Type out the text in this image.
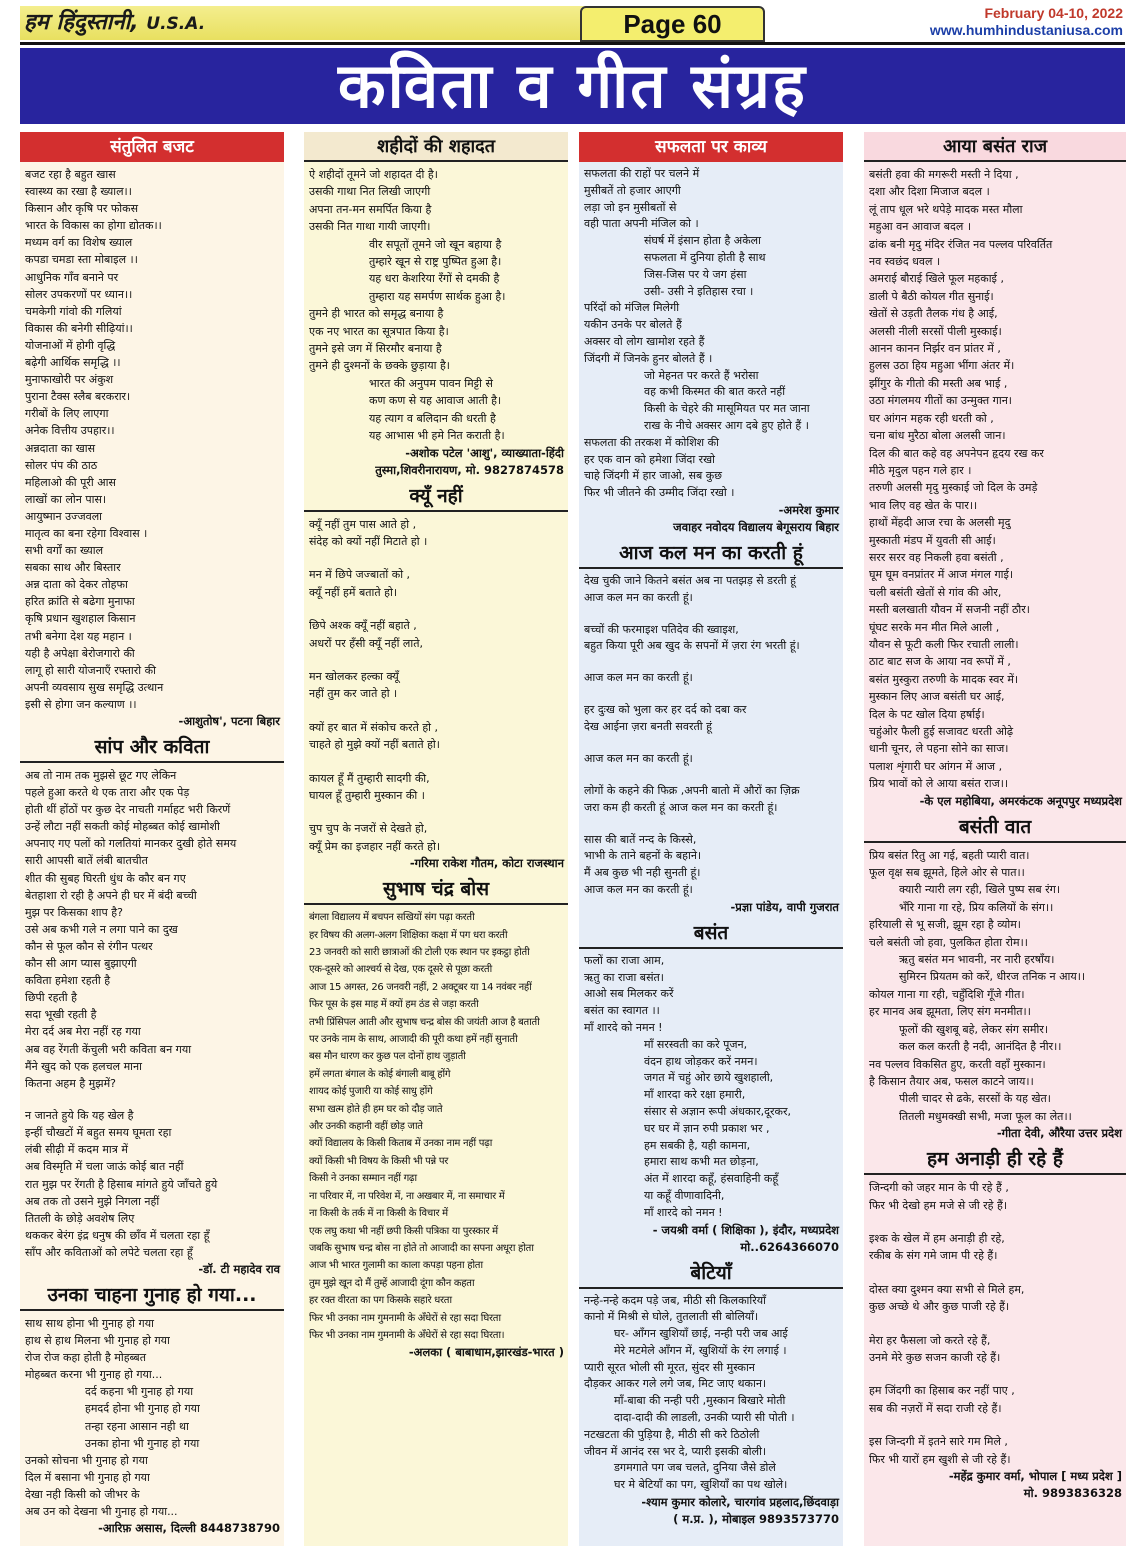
हम हिंदुस्तानी, U.S.A.	Page 60	February 04-10, 2022
www.humhindustaniusa.com
कविता व गीत संग्रह
संतुलित बजट
बजट रहा है बहुत खास
स्वास्थ्य का रखा है ख्याल।।
किसान और कृषि पर फोकस
भारत के विकास का होगा द्योतक।।
मध्यम वर्ग का विशेष ख्याल
कपडा चमडा स्ता मोबाइल ।।
आधुनिक गाँव बनाने पर
सोलर उपकरणों पर ध्यान।।
चमकेगी गांवो की गलियां
विकास की बनेगी सीढ़ियां।।
योजनाओं में होगी वृद्धि
बढ़ेगी आर्थिक समृद्धि ।।
मुनाफाखोरी पर अंकुश
पुराना टैक्स स्लैब बरकरार।
गरीबों के लिए लाएगा
अनेक वित्तीय उपहार।।
अन्नदाता का खास
सोलर पंप की ठाठ
महिलाओ की पूरी आस
लाखों का लोन पास।
आयुष्मान उज्जवला
मातृत्व का बना रहेगा विश्वास ।
सभी वर्गों का ख्याल
सबका साथ और बिस्तार
अन्न दाता को देकर तोहफा
हरित क्रांति से बढेगा मुनाफा
कृषि प्रधान खुशहाल किसान
तभी बनेगा देश यह महान ।
यही है अपेक्षा बेरोजगारो की
लागू हो सारी योजनाएँ रफ्तारो की
अपनी व्यवसाय सुख समृद्धि उत्थान
इसी से होगा जन कल्याण ।।
-आशुतोष', पटना बिहार
सांप और कविता
अब तो नाम तक मुझसे छूट गए लेकिन
पहले हुआ करते थे एक तारा और एक पेड़
होती थीं होंठों पर कुछ देर नाचती गर्माहट भरी किरणें
उन्हें लौटा नहीं सकती कोई मोहब्बत कोई खामोशी
अपनाए गए पलों को गलतियां मानकर दुखी होते समय
सारी आपसी बातें लंबी बातचीत
शीत की सुबह घिरती धुंध के कौर बन गए
बेतहाशा रो रही है अपने ही घर में बंदी बच्ची
मुझ पर किसका शाप है?
उसे अब कभी गले न लगा पाने का दुख
कौन से फूल कौन से रंगीन पत्थर
कौन सी आग प्यास बुझाएगी
कविता हमेशा रहती है
छिपी रहती है
सदा भूखी रहती है
मेरा दर्द अब मेरा नहीं रह गया
अब वह रेंगती केंचुली भरी कविता बन गया
मैंने खुद को एक हलचल माना
कितना अहम है मुझमें?
न जानते हुये कि यह खेल है
इन्हीं चौखटों में बहुत समय घूमता रहा
लंबी सीढ़ी में कदम मात्र में
अब विस्मृति में चला जाऊं कोई बात नहीं
रात मुझ पर रेंगती है हिसाब मांगते हुये जाँचते हुये
अब तक तो उसने मुझे निगला नहीं
तितली के छोड़े अवशेष लिए
थककर बेरंग इंद्र धनुष की छाँव में चलता रहा हूँ
साँप और कविताओं को लपेटे चलता रहा हूँ
-डॉ. टी महादेव राव
उनका चाहना गुनाह हो गया...
साथ साथ होना भी गुनाह हो गया
हाथ से हाथ मिलना भी गुनाह हो गया
रोज रोज कहा होती है मोहब्बत
मोहब्बत करना भी गुनाह हो गया...
दर्द कहना भी गुनाह हो गया
हमदर्द होना भी गुनाह हो गया
तन्हा रहना आसान नही था
उनका होना भी गुनाह हो गया
उनको सोचना भी गुनाह हो गया
दिल में बसाना भी गुनाह हो गया
देखा नही किसी को जीभर के
अब उन को देखना भी गुनाह हो गया...
-आरिफ़ असास, दिल्ली 8448738790
शहीदों की शहादत
ऐ शहीदों तूमने जो शहादत दी है।
उसकी गाथा नित लिखी जाएगी
अपना तन-मन समर्पित किया है
उसकी नित गाथा गायी जाएगी।
वीर सपूतों तूमने जो खून बहाया है
तुम्हारे खून से राष्ट्र पुष्पित हुआ है।
यह धरा केशरिया रँगों से दमकी है
तुम्हारा यह समर्पण सार्थक हुआ है।
तुमने ही भारत को समृद्ध बनाया है
एक नए भारत का सूत्रपात किया है।
तुमने इसे जग में सिरमौर बनाया है
तुमने ही दुश्मनों के छक्के छुड़ाया है।
भारत की अनुपम पावन मिट्टी से
कण कण से यह आवाज आती है।
यह त्याग व बलिदान की धरती है
यह आभास भी हमे नित कराती है।
-अशोक पटेल 'आशु', व्याख्याता-हिंदी
तुस्मा,शिवरीनारायण, मो. 9827874578
क्यूँ नहीं
क्यूँ नहीं तुम पास आते हो ,
संदेह को क्यों नहीं मिटाते हो ।
मन में छिपे जज्बातों को ,
क्यूँ नहीं हमें बताते हो।
छिपे अश्क क्यूँ नहीं बहाते ,
अधरों पर हँसी क्यूँ नहीं लाते,
मन खोलकर हल्का क्यूँ
नहीं तुम कर जाते हो ।
क्यों हर बात में संकोच करते हो ,
चाहते हो मुझे क्यों नहीं बताते हो।
कायल हूँ मैं तुम्हारी सादगी की,
घायल हूँ तुम्हारी मुस्कान की ।
चुप चुप के नजरों से देखते हो,
क्यूँ प्रेम का इजहार नहीं करते हो।
-गरिमा राकेश गौतम, कोटा राजस्थान
सुभाष चंद्र बोस
बंगला विद्यालय में बचपन सखियों संग पढ़ा करती
हर विषय की अलग-अलग शिक्षिका कक्षा में पग धरा करती
23 जनवरी को सारी छात्राओं की टोली एक स्थान पर इकट्ठा होती
एक-दूसरे को आश्चर्य से देख, एक दूसरे से पूछा करती
आज 15 अगस्त, 26 जनवरी नहीं, 2 अक्टूबर या 14 नवंबर नहीं
फिर पूस के इस माह में क्यों हम ठंड से जड़ा करती
तभी प्रिंसिपल आती और सुभाष चन्द्र बोस की जयंती आज है बताती
पर उनके नाम के साथ, आजादी की पूरी कथा हमें नहीं सुनाती
बस मौन धारण कर कुछ पल दोनों हाथ जुड़ाती
हमें लगता बंगाल के कोई बंगाली बाबू होंगे
शायद कोई पुजारी या कोई साधु होंगे
सभा खत्म होते ही हम घर को दौड़ जाते
और उनकी कहानी वहीं छोड़ जाते
क्यों विद्यालय के किसी किताब में उनका नाम नहीं पढ़ा
क्यों किसी भी विषय के किसी भी पन्ने पर
किसी ने उनका सम्मान नहीं गढ़ा
ना परिवार में, ना परिवेश में, ना अखबार में, ना समाचार में
ना किसी के तर्क में ना किसी के विचार में
एक लघु कथा भी नहीं छपी किसी पत्रिका या पुरस्कार में
जबकि सुभाष चन्द्र बोस ना होते तो आजादी का सपना अधूरा होता
आज भी भारत गुलामी का काला कपड़ा पहना होता
तुम मुझे खून दो मैं तुम्हें आजादी दूंगा कौन कहता
हर रक्त वीरता का पग किसके सहारे धरता
फिर भी उनका नाम गुमनामी के अँधेरों से रहा सदा घिरता
फिर भी उनका नाम गुमनामी के अँधेरों से रहा सदा घिरता।
-अलका ( बाबाधाम,झारखंड-भारत )
सफलता पर काव्य
सफलता की राहों पर चलने में
मुसीबतें तो हजार आएगी
लड़ा जो इन मुसीबतों से
वही पाता अपनी मंजिल को ।
संघर्ष में इंसान होता है अकेला
सफलता में दुनिया होती है साथ
जिस-जिस पर ये जग हंसा
उसी- उसी ने इतिहास रचा ।
परिंदों को मंजिल मिलेगी
यकीन उनके पर बोलते हैं
अक्सर वो लोग खामोश रहते हैं
जिंदगी में जिनके हुनर बोलते हैं ।
जो मेहनत पर करते हैं भरोसा
वह कभी किस्मत की बात करते नहीं
किसी के चेहरे की मासूमियत पर मत जाना
राख के नीचे अक्सर आग दबे हुए होते हैं ।
सफलता की तरकश में कोशिश की
हर एक वान को हमेशा जिंदा रखो
चाहे जिंदगी में हार जाओ, सब कुछ
फिर भी जीतने की उम्मीद जिंदा रखो ।
-अमरेश कुमार
जवाहर नवोदय विद्यालय बेगूसराय बिहार
आज कल मन का करती हूं
देख चुकी जाने कितने बसंत अब ना पतझड़ से डरती हूं
आज कल मन का करती हूं।
बच्चों की फरमाइश पतिदेव की ख्वाइश,
बहुत किया पूरी अब खुद के सपनों में ज़रा रंग भरती हूं।
आज कल मन का करती हूं।
हर दुःख को भुला कर हर दर्द को दबा कर
देख आईना ज़रा बनती सवरती हूं
आज कल मन का करती हूं।
लोगों के कहने की फिक्र ,अपनी बातो में औरों का ज़िक्र
जरा कम ही करती हूं आज कल मन का करती हूं।
सास की बातें नन्द के किस्से,
भाभी के ताने बहनों के बहाने।
मैं अब कुछ भी नही सुनती हूं।
आज कल मन का करती हूं।
-प्रज्ञा पांडेय, वापी गुजरात
बसंत
फलों का राजा आम,
ऋतु का राजा बसंत।
आओ सब मिलकर करें
बसंत का स्वागत ।।
माँ शारदे को नमन !
माँ सरस्वती का करे पूजन,
वंदन हाथ जोड़कर करें नमन।
जगत में चहुं ओर छाये खुशहाली,
माँ शारदा करे रक्षा हमारी,
संसार से अज्ञान रूपी अंधकार,दूरकर,
घर घर में ज्ञान रुपी प्रकाश भर ,
हम सबकी है, यही कामना,
हमारा साथ कभी मत छोड़ना,
अंत में शारदा कहूँ, हंसवाहिनी कहूँ
या कहूँ वीणावादिनी,
माँ शारदे को नमन !
- जयश्री वर्मा ( शिक्षिका ), इंदौर, मध्यप्रदेश
मो..6264366070
बेटियाँ
नन्हे-नन्हे कदम पड़े जब, मीठी सी किलकारियाँ
कानो में मिश्री से घोले, तुतलाती सी बोलियाँ।
घर- आँगन खुशियाँ छाई, नन्ही परी जब आई
मेरे मटमेले आँगन में, खुशियों के रंग लगाई ।
प्यारी सूरत भोली सी मूरत, सुंदर सी मुस्कान
दौड़कर आकर गले लगे जब, मिट जाए थकान।
माँ-बाबा की नन्ही परी ,मुस्कान बिखारे मोती
दादा-दादी की लाडली, उनकी प्यारी सी पोती ।
नटखटता की पुड़िया है, मीठी सी करे ठिठोली
जीवन में आनंद रस भर दे, प्यारी इसकी बोली।
डगमगाते पग जब चलते, दुनिया जैसे डोले
घर मे बेटियाँ का पग, खुशियाँ का पथ खोले।
-श्याम कुमार कोलारे, चारगांव प्रहलाद,छिंदवाड़ा
( म.प्र. ), मोबाइल 9893573770
आया बसंत राज
बसंती हवा की मगरूरी मस्ती ने दिया ,
दशा और दिशा मिजाज बदल ।
लूं ताप धूल भरे थपेड़े मादक मस्त मौला
महुआ वन आवाज बदल ।
ढांक बनी मृदु मंदिर रंजित नव पल्लव परिवर्तित
नव स्वछंद धवल ।
अमराई बौराई खिले फूल महकाई ,
डाली पे बैठी कोयल गीत सुनाई।
खेतों से उड़ती तैलक गंध है आई,
अलसी नीली सरसों पीली मुस्काई।
आनन कानन निर्झर वन प्रांतर में ,
हुलस उठा हिय महुआ भींगा अंतर में।
झींगुर के गीतो की मस्ती अब भाई ,
उठा मंगलमय गीतों का उन्मुक्त गान।
घर आंगन महक रही धरती को ,
चना बांध मुरैठा बोला अलसी जान।
दिल की बात कहे वह अपनेपन हृदय रख कर
मीठे मृदुल पहन गले हार ।
तरुणी अलसी मृदु मुस्काई जो दिल के उमड़े
भाव लिए वह खेत के पार।।
हाथों मेंहदी आज रचा के अलसी मृदु
मुस्काती मंडप में युवती सी आई।
सरर सरर वह निकली हवा बसंती ,
घूम घूम वनप्रांतर में आज मंगल गाई।
चली बसंती खेतों से गांव की ओर,
मस्ती बलखाती यौवन में सजनी नहीं ठौर।
घूंघट सरके मन मीत मिले आली ,
यौवन से फूटी कली फिर रचाती लाली।
ठाट बाट सज के आया नव रूपों में ,
बसंत मुस्कुरा तरुणी के मादक स्वर में।
मुस्कान लिए आज बसंती घर आई,
दिल के पट खोल दिया हर्षाई।
चहुंओर फैली हुई सजावट धरती ओढ़े
धानी चूनर, ले पहना सोने का साज।
पलाश शृंगारी घर आंगन में आज ,
प्रिय भावों को ले आया बसंत राज।।
-के एल महोबिया, अमरकंटक अनूपपुर मध्यप्रदेश
बसंती वात
प्रिय बसंत रितु आ गई, बहती प्यारी वात।
फूल वृक्ष सब झूमते, हिले ओर से पात।।
क्यारी न्यारी लग रही, खिले पुष्प सब रंग।
भँरि गाना गा रहे, प्रिय कलियों के संग।।
हरियाली से भू सजी, झूम रहा है व्योम।
चले बसंती जो हवा, पुलकित होता रोम।।
ऋतु बसंत मन भावनी, नर नारी हरषाँय।
सुमिरन प्रियतम को करें, धीरज तनिक न आय।।
कोयल गाना गा रही, चहुँदिशि गूँजे गीत।
हर मानव अब झूमता, लिए संग मनमीत।।
फूलों की खुशबू बहे, लेकर संग समीर।
कल कल करती है नदी, आनंदित है नीर।।
नव पल्लव विकसित हुए, करती वहाँ मुस्कान।
है किसान तैयार अब, फसल काटने जाय।।
पीली चादर से ढके, सरसों के यह खेत।
तितली मधुमक्खी सभी, मजा फूल का लेत।।
-गीता देवी, औरैया उत्तर प्रदेश
हम अनाड़ी ही रहे हैं
जिन्दगी को जहर मान के पी रहे हैं ,
फिर भी देखो हम मजे से जी रहे हैं।
इश्क के खेल में हम अनाड़ी ही रहे,
रकीब के संग गमे जाम पी रहे हैं।
दोस्त क्या दुश्मन क्या सभी से मिले हम,
कुछ अच्छे थे और कुछ पाजी रहे हैं।
मेरा हर फैसला जो करते रहे हैं,
उनमे मेरे कुछ सजन काजी रहे हैं।
हम जिंदगी का हिसाब कर नहीं पाए ,
सब की नज़रों में सदा राजी रहे हैं।
इस जिन्दगी में इतने सारे गम मिले ,
फिर भी यारों हम खुशी से जी रहे हैं।
-महेंद्र कुमार वर्मा, भोपाल [ मध्य प्रदेश ]
मो. 9893836328
